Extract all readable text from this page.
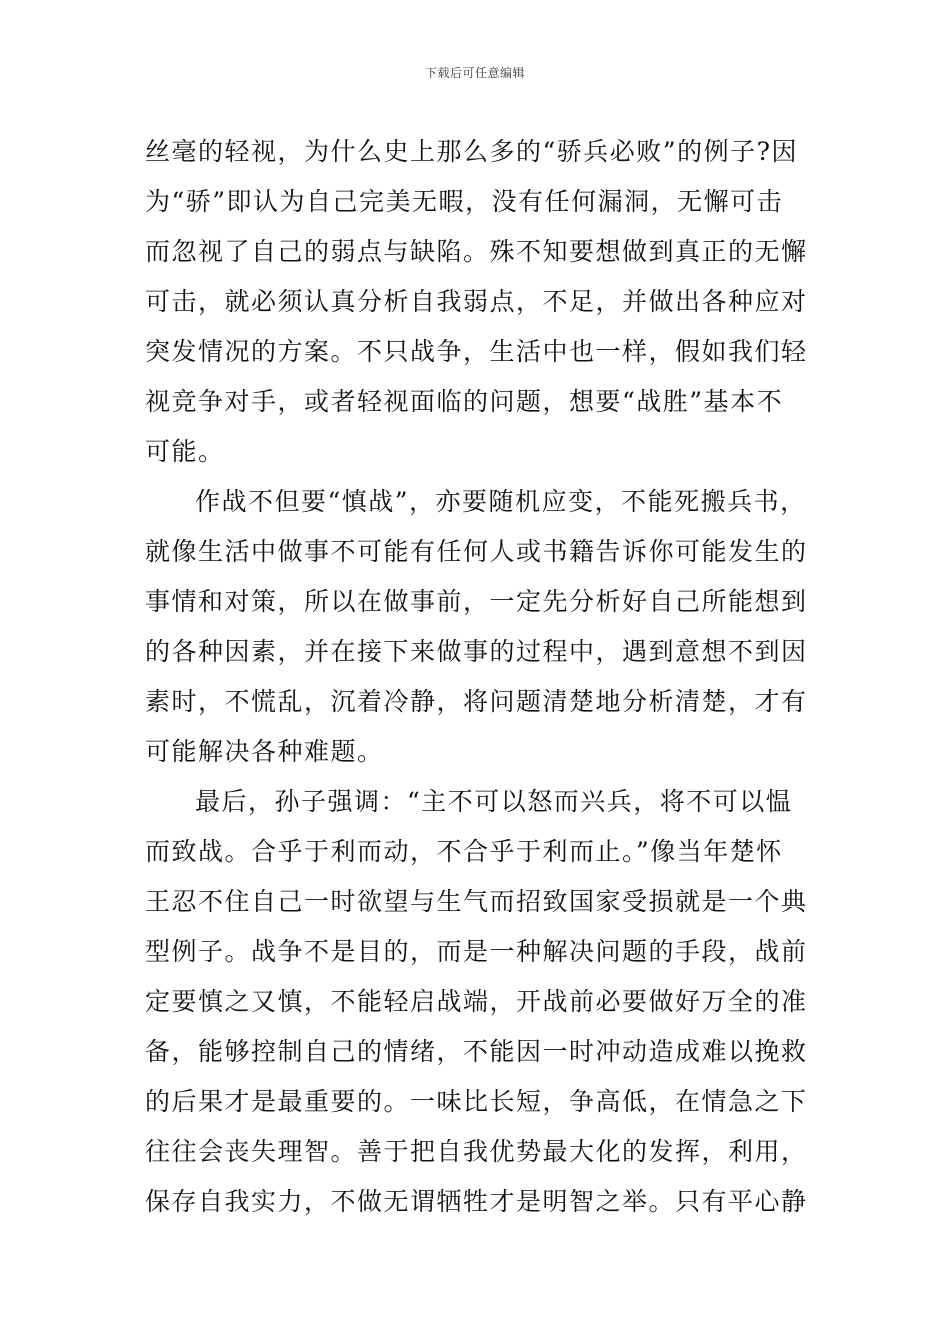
下载后可任意编辑
丝毫的轻视，为什么史上那么多的“骄兵必败”的例子?因
为“骄”即认为自己完美无暇，没有任何漏洞，无懈可击
而忽视了自己的弱点与缺陷。殊不知要想做到真正的无懈
可击，就必须认真分析自我弱点，不足，并做出各种应对
突发情况的方案。不只战争，生活中也一样，假如我们轻
视竞争对手，或者轻视面临的问题，想要“战胜”基本不
可能。
作战不但要“慎战”，亦要随机应变，不能死搬兵书，
就像生活中做事不可能有任何人或书籍告诉你可能发生的
事情和对策，所以在做事前，一定先分析好自己所能想到
的各种因素，并在接下来做事的过程中，遇到意想不到因
素时，不慌乱，沉着冷静，将问题清楚地分析清楚，才有
可能解决各种难题。
最后，孙子强调：“主不可以怒而兴兵，将不可以愠
而致战。合乎于利而动，不合乎于利而止。”像当年楚怀
王忍不住自己一时欲望与生气而招致国家受损就是一个典
型例子。战争不是目的，而是一种解决问题的手段，战前
定要慎之又慎，不能轻启战端，开战前必要做好万全的准
备，能够控制自己的情绪，不能因一时冲动造成难以挽救
的后果才是最重要的。一味比长短，争高低，在情急之下
往往会丧失理智。善于把自我优势最大化的发挥，利用，
保存自我实力，不做无谓牺牲才是明智之举。只有平心静
